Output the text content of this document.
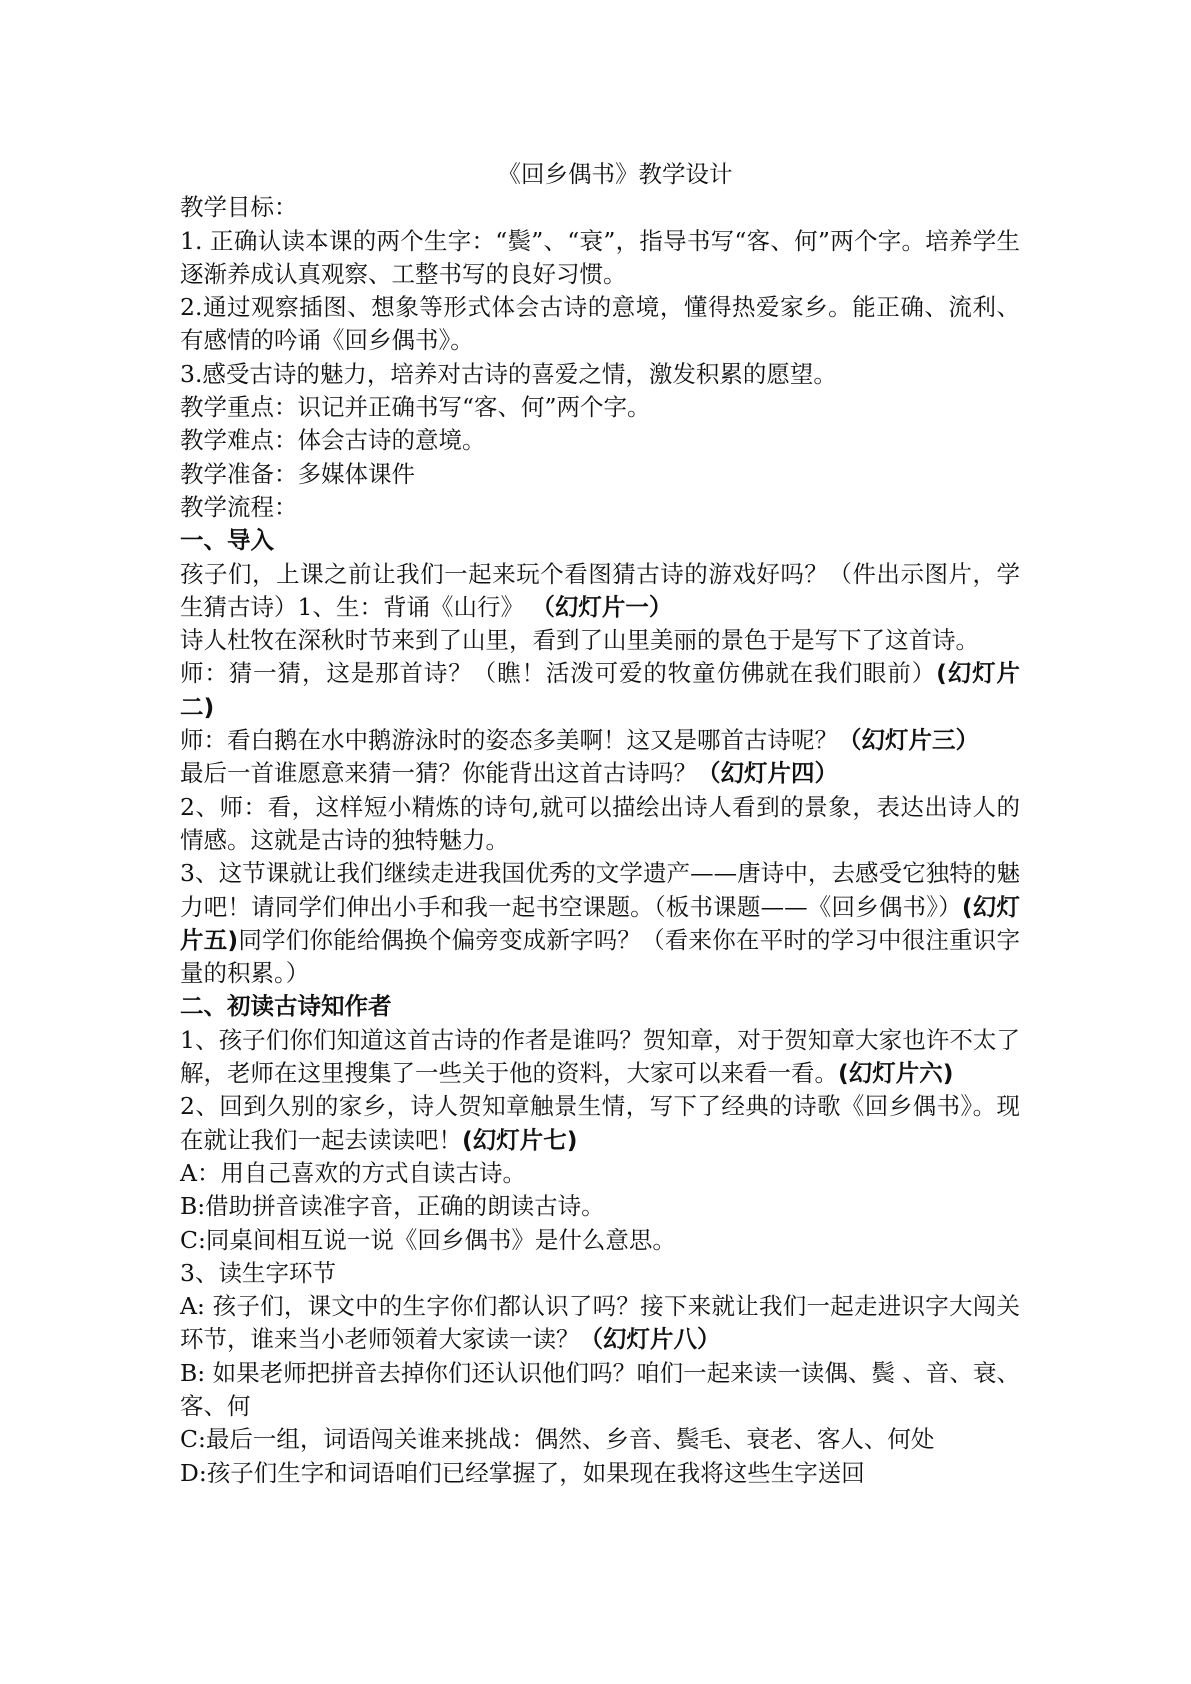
《回乡偶书》教学设计

教学目标：

1. 正确认读本课的两个生字：“鬓”、“衰”，指导书写“客、何”两个字。培养学生逐渐养成认真观察、工整书写的良好习惯。

2.通过观察插图、想象等形式体会古诗的意境，懂得热爱家乡。能正确、流利、有感情的吟诵《回乡偶书》。

3.感受古诗的魅力，培养对古诗的喜爱之情，激发积累的愿望。

教学重点：识记并正确书写“客、何”两个字。

教学难点：体会古诗的意境。

教学准备：多媒体课件

教学流程：

一、导入

孩子们，上课之前让我们一起来玩个看图猜古诗的游戏好吗？（件出示图片，学生猜古诗）1、生：背诵《山行》 （幻灯片一）

诗人杜牧在深秋时节来到了山里，看到了山里美丽的景色于是写下了这首诗。

师：猜一猜，这是那首诗？（瞧！活泼可爱的牧童仿佛就在我们眼前）(幻灯片二)

师：看白鹅在水中鹅游泳时的姿态多美啊！这又是哪首古诗呢？（幻灯片三）

最后一首谁愿意来猜一猜？你能背出这首古诗吗？（幻灯片四）

2、师：看，这样短小精炼的诗句,就可以描绘出诗人看到的景象，表达出诗人的情感。这就是古诗的独特魅力。

3、这节课就让我们继续走进我国优秀的文学遗产——唐诗中，去感受它独特的魅力吧！请同学们伸出小手和我一起书空课题。（板书课题——《回乡偶书》）(幻灯片五)同学们你能给偶换个偏旁变成新字吗？（看来你在平时的学习中很注重识字量的积累。）

二、初读古诗知作者

1、孩子们你们知道这首古诗的作者是谁吗？贺知章，对于贺知章大家也许不太了解，老师在这里搜集了一些关于他的资料，大家可以来看一看。(幻灯片六)

2、回到久别的家乡，诗人贺知章触景生情，写下了经典的诗歌《回乡偶书》。现在就让我们一起去读读吧！(幻灯片七)

A：用自己喜欢的方式自读古诗。

B:借助拼音读准字音，正确的朗读古诗。

C:同桌间相互说一说《回乡偶书》是什么意思。

3、读生字环节

A: 孩子们，课文中的生字你们都认识了吗？接下来就让我们一起走进识字大闯关环节，谁来当小老师领着大家读一读？（幻灯片八）

B: 如果老师把拼音去掉你们还认识他们吗？咱们一起来读一读偶、鬓 、音、衰、客、何

C:最后一组，词语闯关谁来挑战：偶然、乡音、鬓毛、衰老、客人、何处

D:孩子们生字和词语咱们已经掌握了，如果现在我将这些生字送回
